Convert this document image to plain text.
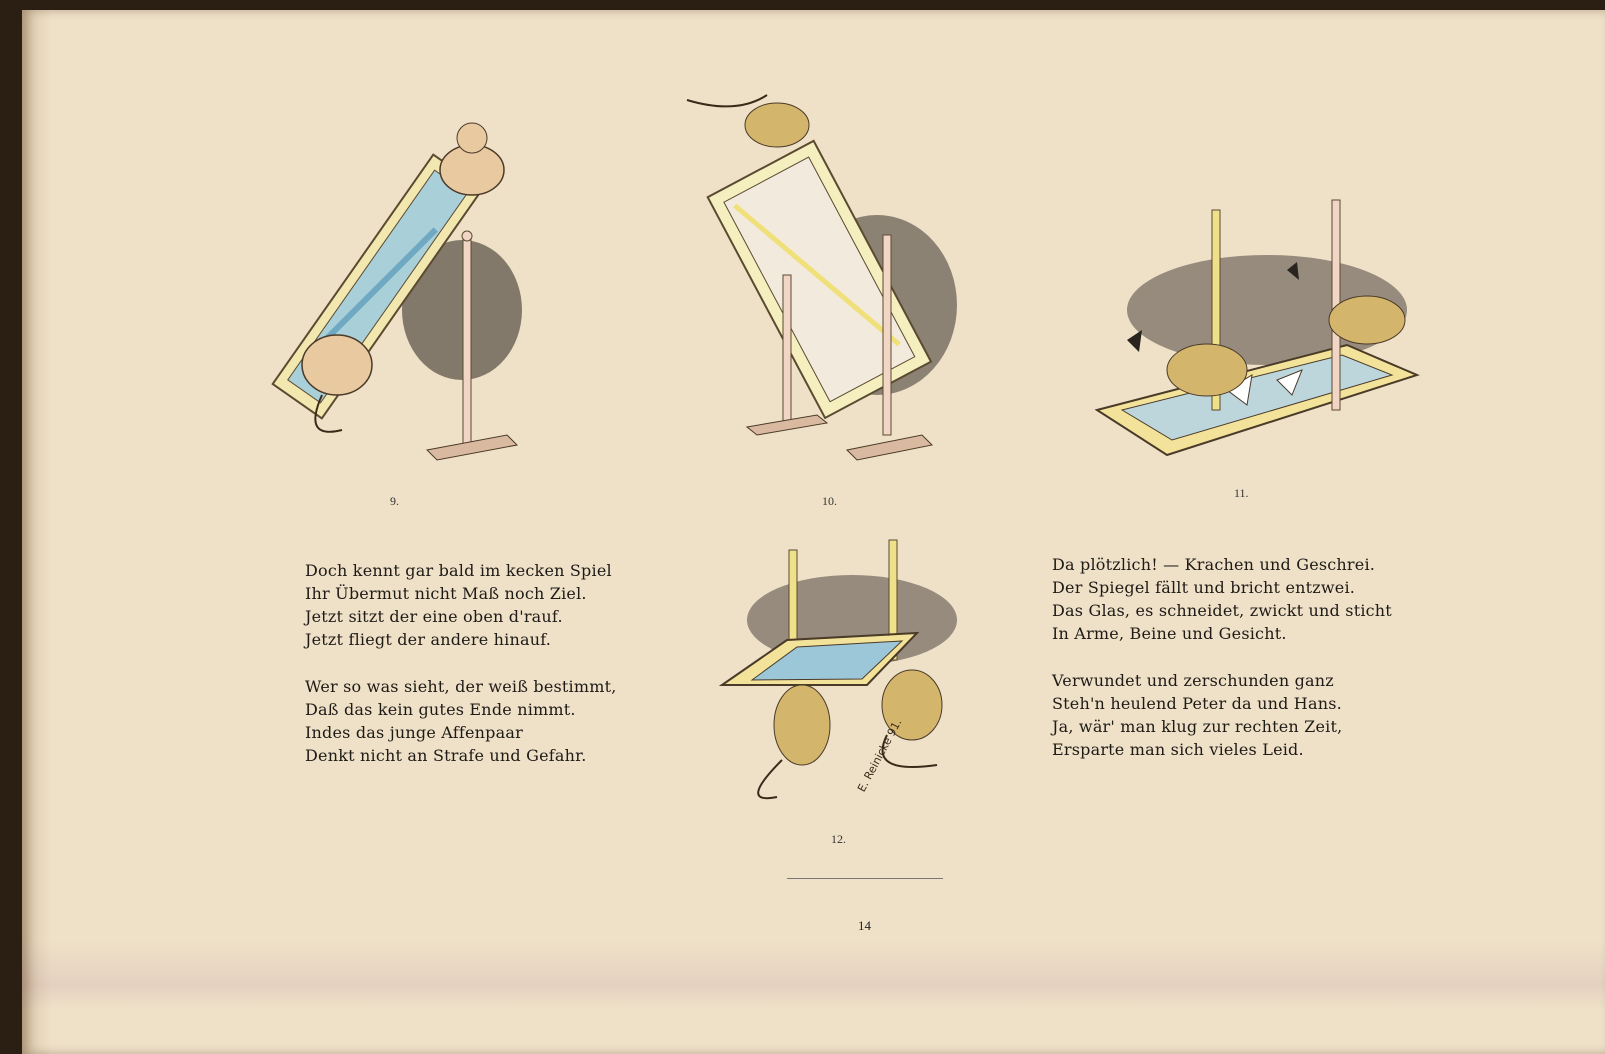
9.	10.
11.
12.
E. Reinicke 91.
Doch kennt gar bald im kecken Spiel
Ihr Übermut nicht Maß noch Ziel.
Jetzt sitzt der eine oben d'rauf.
Jetzt fliegt der andere hinauf.
Wer so was sieht, der weiß bestimmt,
Daß das kein gutes Ende nimmt.
Indes das junge Affenpaar
Denkt nicht an Strafe und Gefahr.
Da plötzlich! — Krachen und Geschrei.
Der Spiegel fällt und bricht entzwei.
Das Glas, es schneidet, zwickt und sticht
In Arme, Beine und Gesicht.
Verwundet und zerschunden ganz
Steh'n heulend Peter da und Hans.
Ja, wär' man klug zur rechten Zeit,
Ersparte man sich vieles Leid.
14
